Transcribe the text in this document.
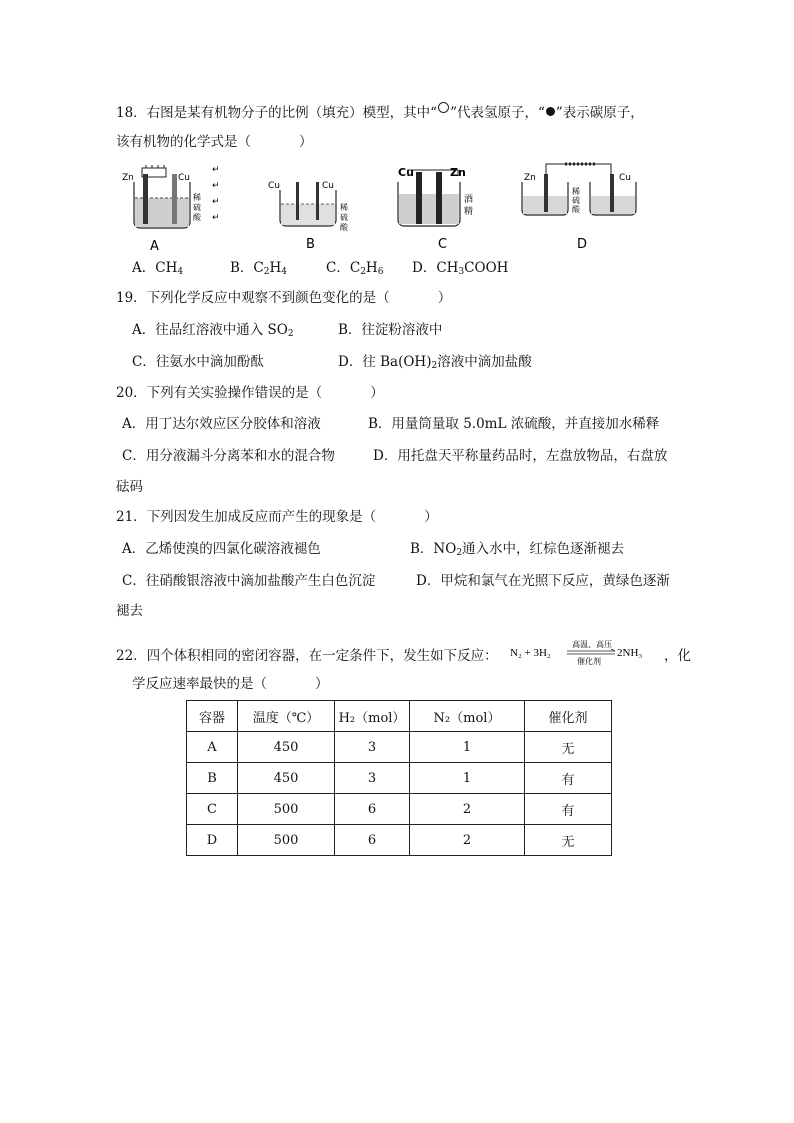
18．右图是某有机物分子的比例（填充）模型，其中“ ”代表氢原子，“ ”表示碳原子，
该有机物的化学式是（	）
Zn	Cu
稀
硫
酸
A
↵
↵
↵
↵
Cu	Cu
稀
硫
酸
B
Cu	Zn
酒
精
C
Zn	Cu
稀
硫
酸
D
A．$CH_4$	B．$C_2H_4$	C．$C_2H_6$ D．$CH_3COOH$
19．下列化学反应中观察不到颜色变化的是（	）
A．往品红溶液中通入 $SO_2$	B．往淀粉溶液中
C．往氨水中滴加酚酞	D．往 $Ba(OH)_2$溶液中滴加盐酸
20．下列有关实验操作错误的是（	）
A．用丁达尔效应区分胶体和溶液	B．用量筒量取 5.0mL 浓硫酸，并直接加水稀释
C．用分液漏斗分离苯和水的混合物	D．用托盘天平称量药品时，左盘放物品，右盘放
砝码
21．下列因发生加成反应而产生的现象是（	）
A．乙烯使溴的四氯化碳溶液褪色	B．$NO_2$通入水中，红棕色逐渐褪去
C．往硝酸银溶液中滴加盐酸产生白色沉淀	D．甲烷和氯气在光照下反应，黄绿色逐渐
褪去
22．四个体积相同的密闭容器，在一定条件下，发生如下反应： N₂ + 3H₂
高温、高压
催化剂
2NH₃ ，化
学反应速率最快的是（	）
容器	温度（℃）	H₂（mol）	N₂（mol）	催化剂
A	450	3	1	无
B	450	3	1	有
C	500	6	2	有
D	500	6	2	无
